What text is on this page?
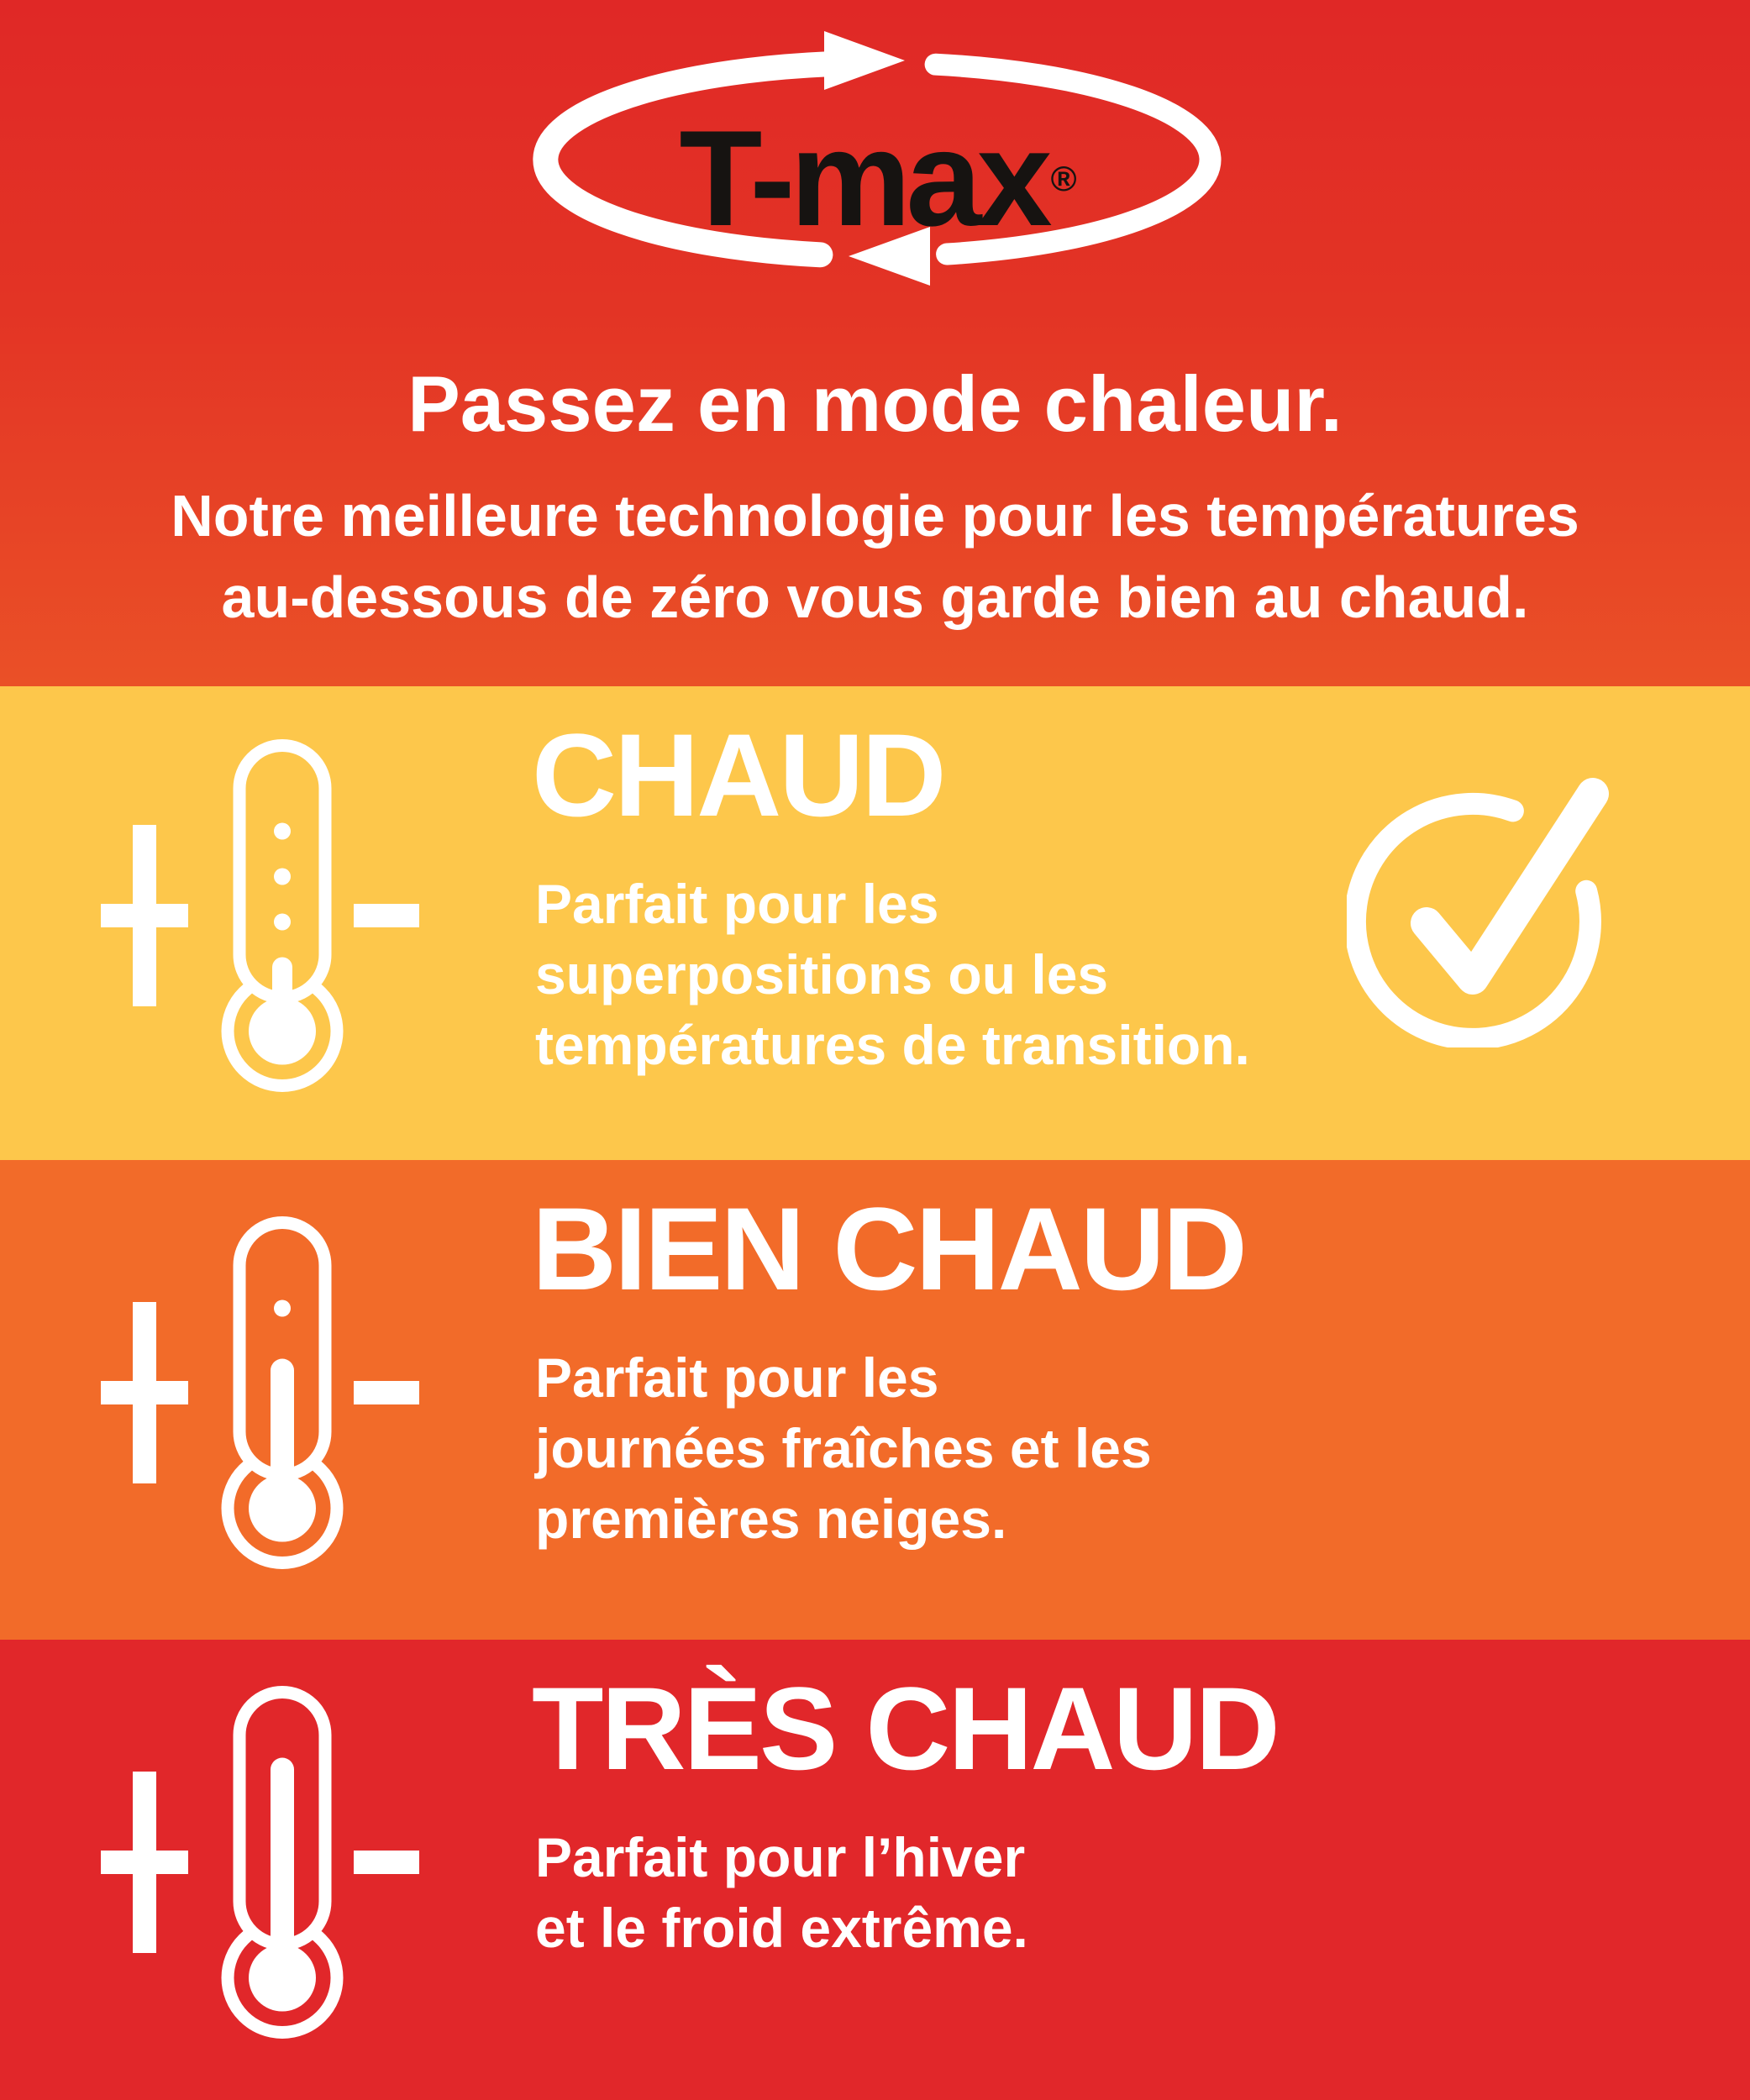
T-max ®
Passez en mode chaleur.
Notre meilleure technologie pour les températures
au-dessous de zéro vous garde bien au chaud.
CHAUD
Parfait pour les
superpositions ou les
températures de transition.
BIEN CHAUD
Parfait pour les
journées fraîches et les
premières neiges.
TRÈS CHAUD
Parfait pour l’hiver
et le froid extrême.
